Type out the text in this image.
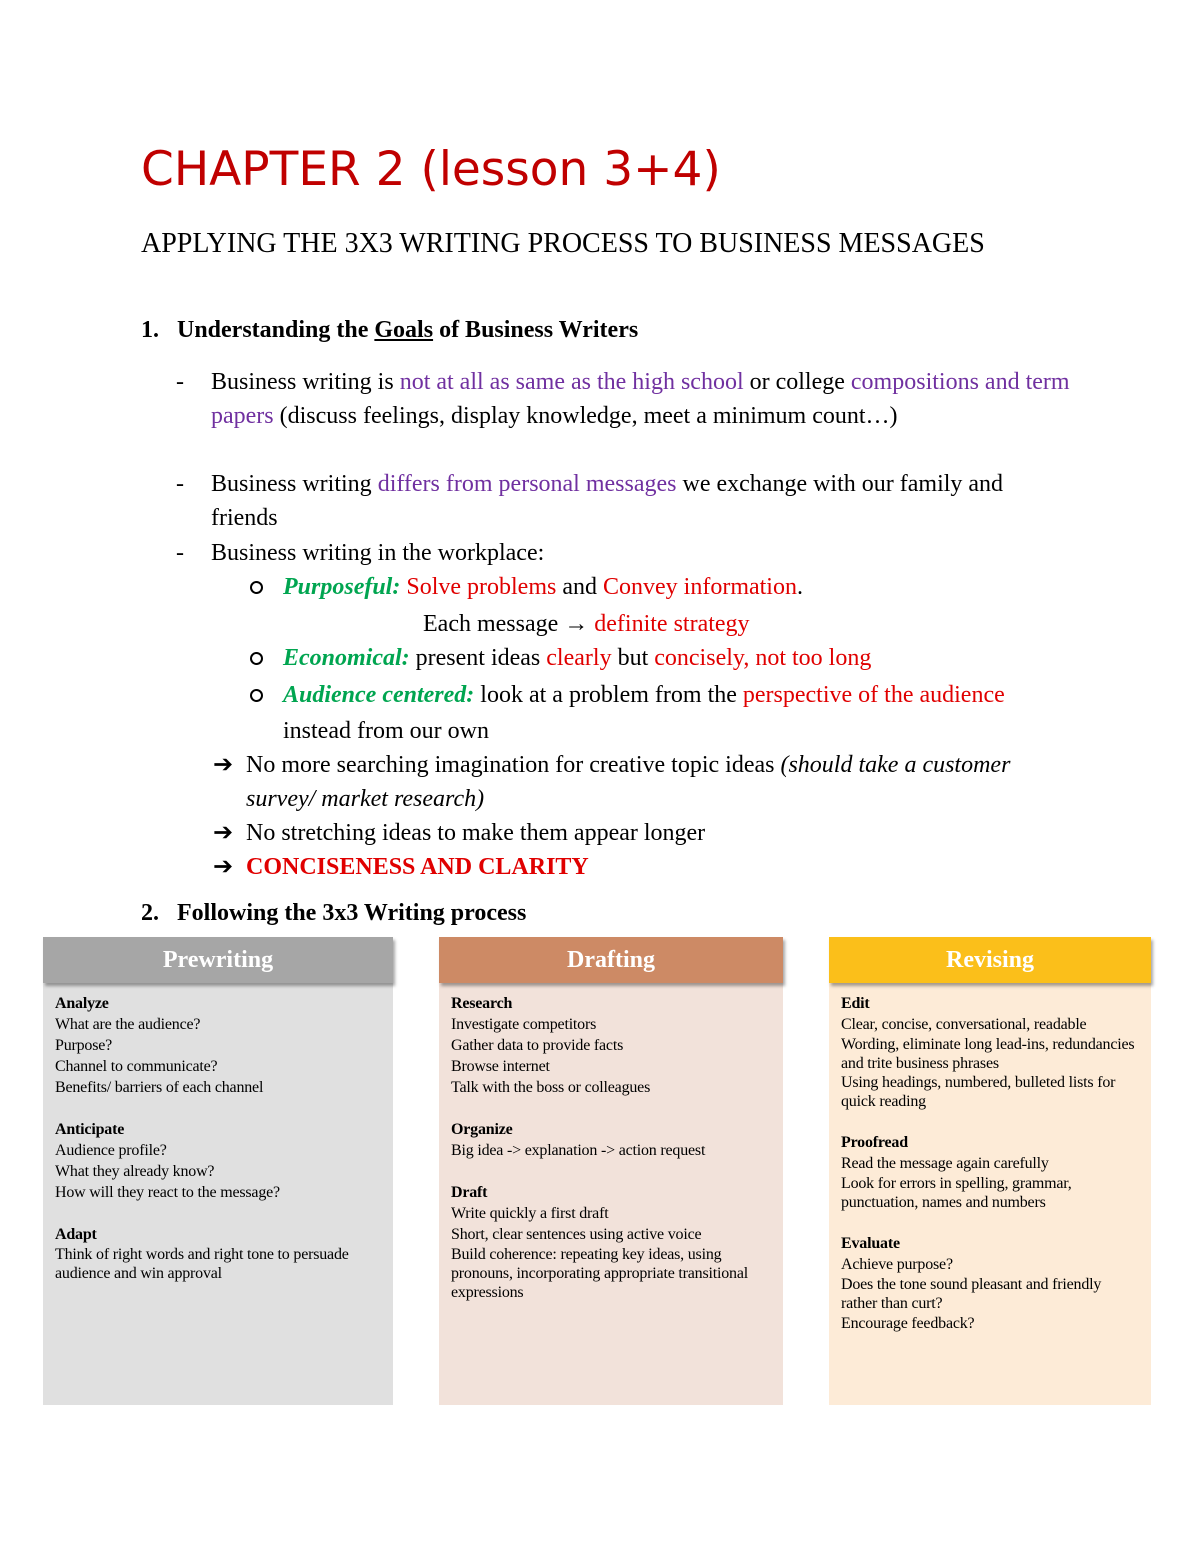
CHAPTER 2 (lesson 3+4)
APPLYING THE 3X3 WRITING PROCESS TO BUSINESS MESSAGES
1. Understanding the Goals of Business Writers
-
-
-
Business writing is not at all as same as the high school or college compositions and term papers (discuss feelings, display knowledge, meet a minimum count…)
Business writing differs from personal messages we exchange with our family and friends
Business writing in the workplace:
Purposeful: Solve problems and Convey information.
Each message → definite strategy
Economical: present ideas clearly but concisely, not too long
Audience centered: look at a problem from the perspective of the audience instead from our own
➔ No more searching imagination for creative topic ideas (should take a customer survey/ market research)
➔ No stretching ideas to make them appear longer
➔ CONCISENESS AND CLARITY
2. Following the 3x3 Writing process
Analyze
What are the audience?
Purpose?
Channel to communicate?
Benefits/ barriers of each channel
Anticipate
Audience profile?
What they already know?
How will they react to the message?
Adapt
Think of right words and right tone to persuade audience and win approval
Prewriting
Research
Investigate competitors
Gather data to provide facts
Browse internet
Talk with the boss or colleagues
Organize
Big idea -> explanation -> action request
Draft
Write quickly a first draft
Short, clear sentences using active voice
Build coherence: repeating key ideas, using pronouns, incorporating appropriate transitional expressions
Drafting
Edit
Clear, concise, conversational, readable
Wording, eliminate long lead-ins, redundancies and trite business phrases
Using headings, numbered, bulleted lists for quick reading
Proofread
Read the message again carefully
Look for errors in spelling, grammar, punctuation, names and numbers
Evaluate
Achieve purpose?
Does the tone sound pleasant and friendly rather than curt?
Encourage feedback?
Revising
